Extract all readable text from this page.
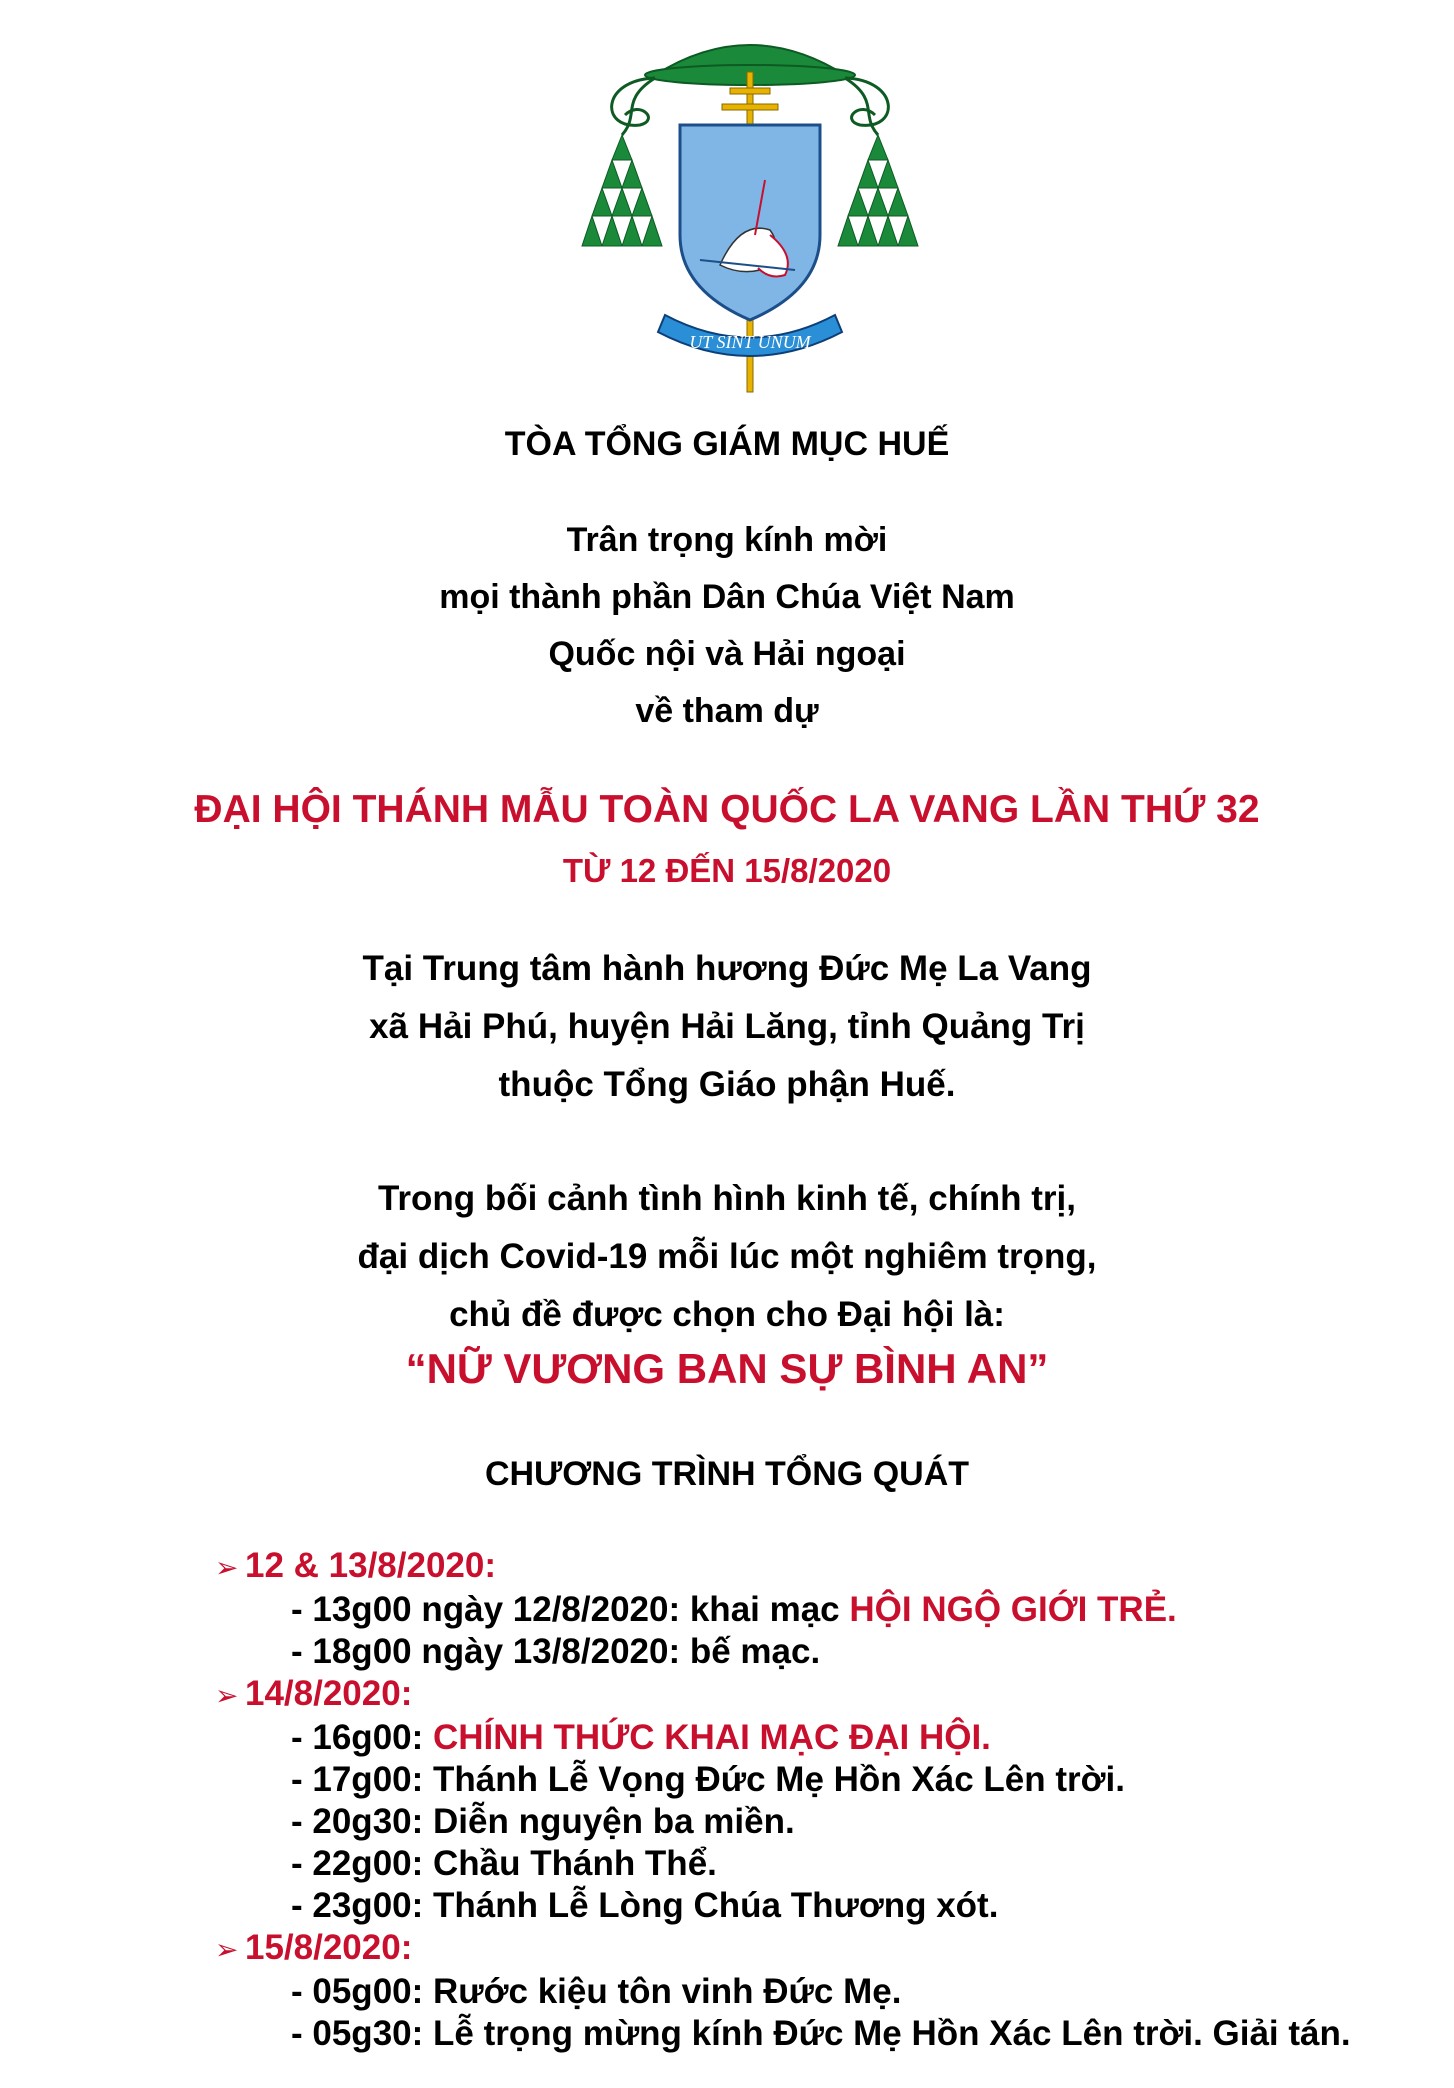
UT SINT UNUM
TÒA TỔNG GIÁM MỤC HUẾ
Trân trọng kính mời
mọi thành phần Dân Chúa Việt Nam
Quốc nội và Hải ngoại
về tham dự
ĐẠI HỘI THÁNH MẪU TOÀN QUỐC LA VANG LẦN THỨ 32
TỪ 12 ĐẾN 15/8/2020
Tại Trung tâm hành hương Đức Mẹ La Vang
xã Hải Phú, huyện Hải Lăng, tỉnh Quảng Trị
thuộc Tổng Giáo phận Huế.
Trong bối cảnh tình hình kinh tế, chính trị,
đại dịch Covid-19 mỗi lúc một nghiêm trọng,
chủ đề được chọn cho Đại hội là:
“NỮ VƯƠNG BAN SỰ BÌNH AN”
CHƯƠNG TRÌNH TỔNG QUÁT
➢ 12 & 13/8/2020:
- 13g00 ngày 12/8/2020: khai mạc HỘI NGỘ GIỚI TRẺ.
- 18g00 ngày 13/8/2020: bế mạc.
➢ 14/8/2020:
- 16g00: CHÍNH THỨC KHAI MẠC ĐẠI HỘI.
- 17g00: Thánh Lễ Vọng Đức Mẹ Hồn Xác Lên trời.
- 20g30: Diễn nguyện ba miền.
- 22g00: Chầu Thánh Thể.
- 23g00: Thánh Lễ Lòng Chúa Thương xót.
➢ 15/8/2020:
- 05g00: Rước kiệu tôn vinh Đức Mẹ.
- 05g30: Lễ trọng mừng kính Đức Mẹ Hồn Xác Lên trời. Giải tán.
